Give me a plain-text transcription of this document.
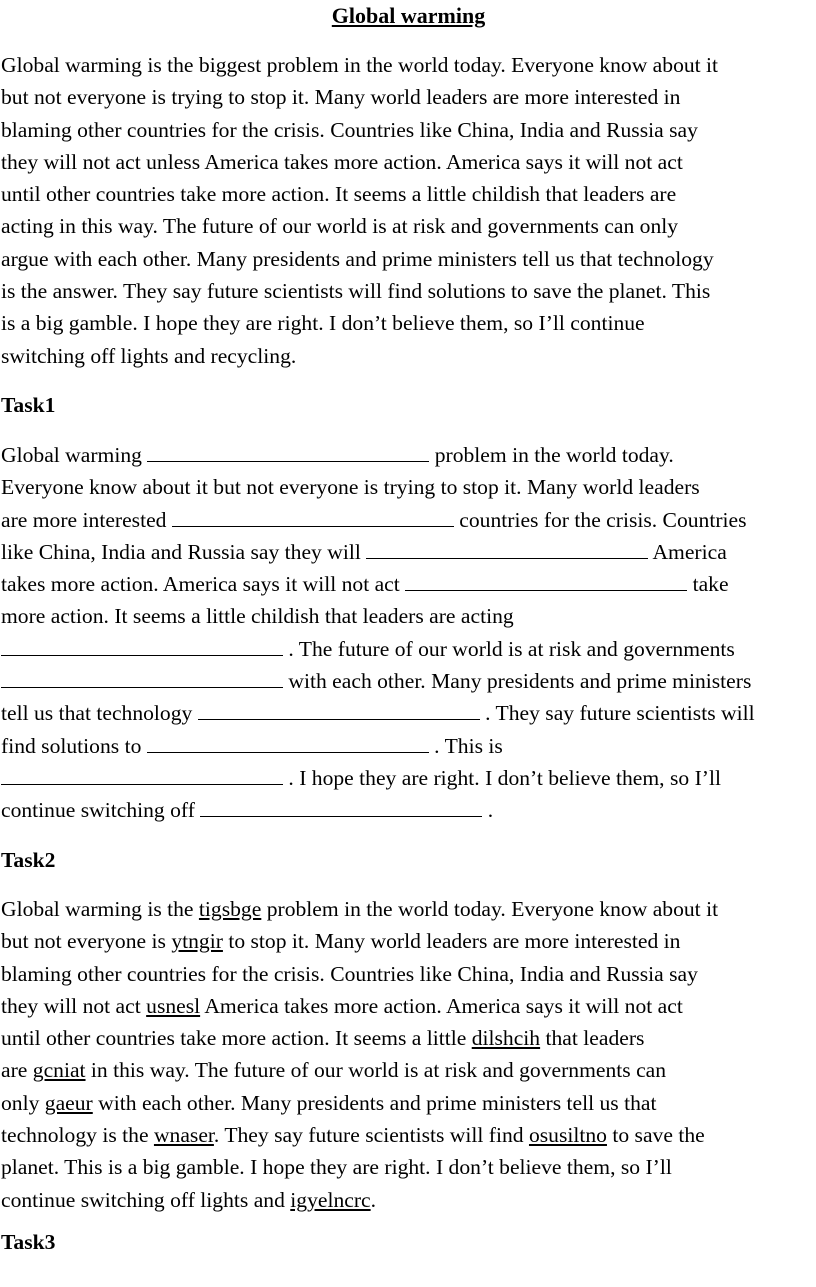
Global warming

Global warming is the biggest problem in the world today. Everyone know about it
but not everyone is trying to stop it. Many world leaders are more interested in
blaming other countries for the crisis. Countries like China, India and Russia say
they will not act unless America takes more action. America says it will not act
until other countries take more action. It seems a little childish that leaders are
acting in this way. The future of our world is at risk and governments can only
argue with each other. Many presidents and prime ministers tell us that technology
is the answer. They say future scientists will find solutions to save the planet. This
is a big gamble. I hope they are right. I don’t believe them, so I’ll continue
switching off lights and recycling.

Task1

Global warming	problem in the world today.
Everyone know about it but not everyone is trying to stop it. Many world leaders
are more interested	countries for the crisis. Countries
like China, India and Russia say they will	America
takes more action. America says it will not act	take
more action. It seems a little childish that leaders are acting
. The future of our world is at risk and governments
with each other. Many presidents and prime ministers
tell us that technology	. They say future scientists will
find solutions to	. This is
. I hope they are right. I don’t believe them, so I’ll
continue switching off	.

Task2

Global warming is the tigsbge problem in the world today. Everyone know about it
but not everyone is ytngir to stop it. Many world leaders are more interested in
blaming other countries for the crisis. Countries like China, India and Russia say
they will not act usnesl America takes more action. America says it will not act
until other countries take more action. It seems a little dilshcih that leaders
are gcniat in this way. The future of our world is at risk and governments can
only gaeur with each other. Many presidents and prime ministers tell us that
technology is the wnaser. They say future scientists will find osusiltno to save the
planet. This is a big gamble. I hope they are right. I don’t believe them, so I’ll
continue switching off lights and igyelncrc.

Task3
